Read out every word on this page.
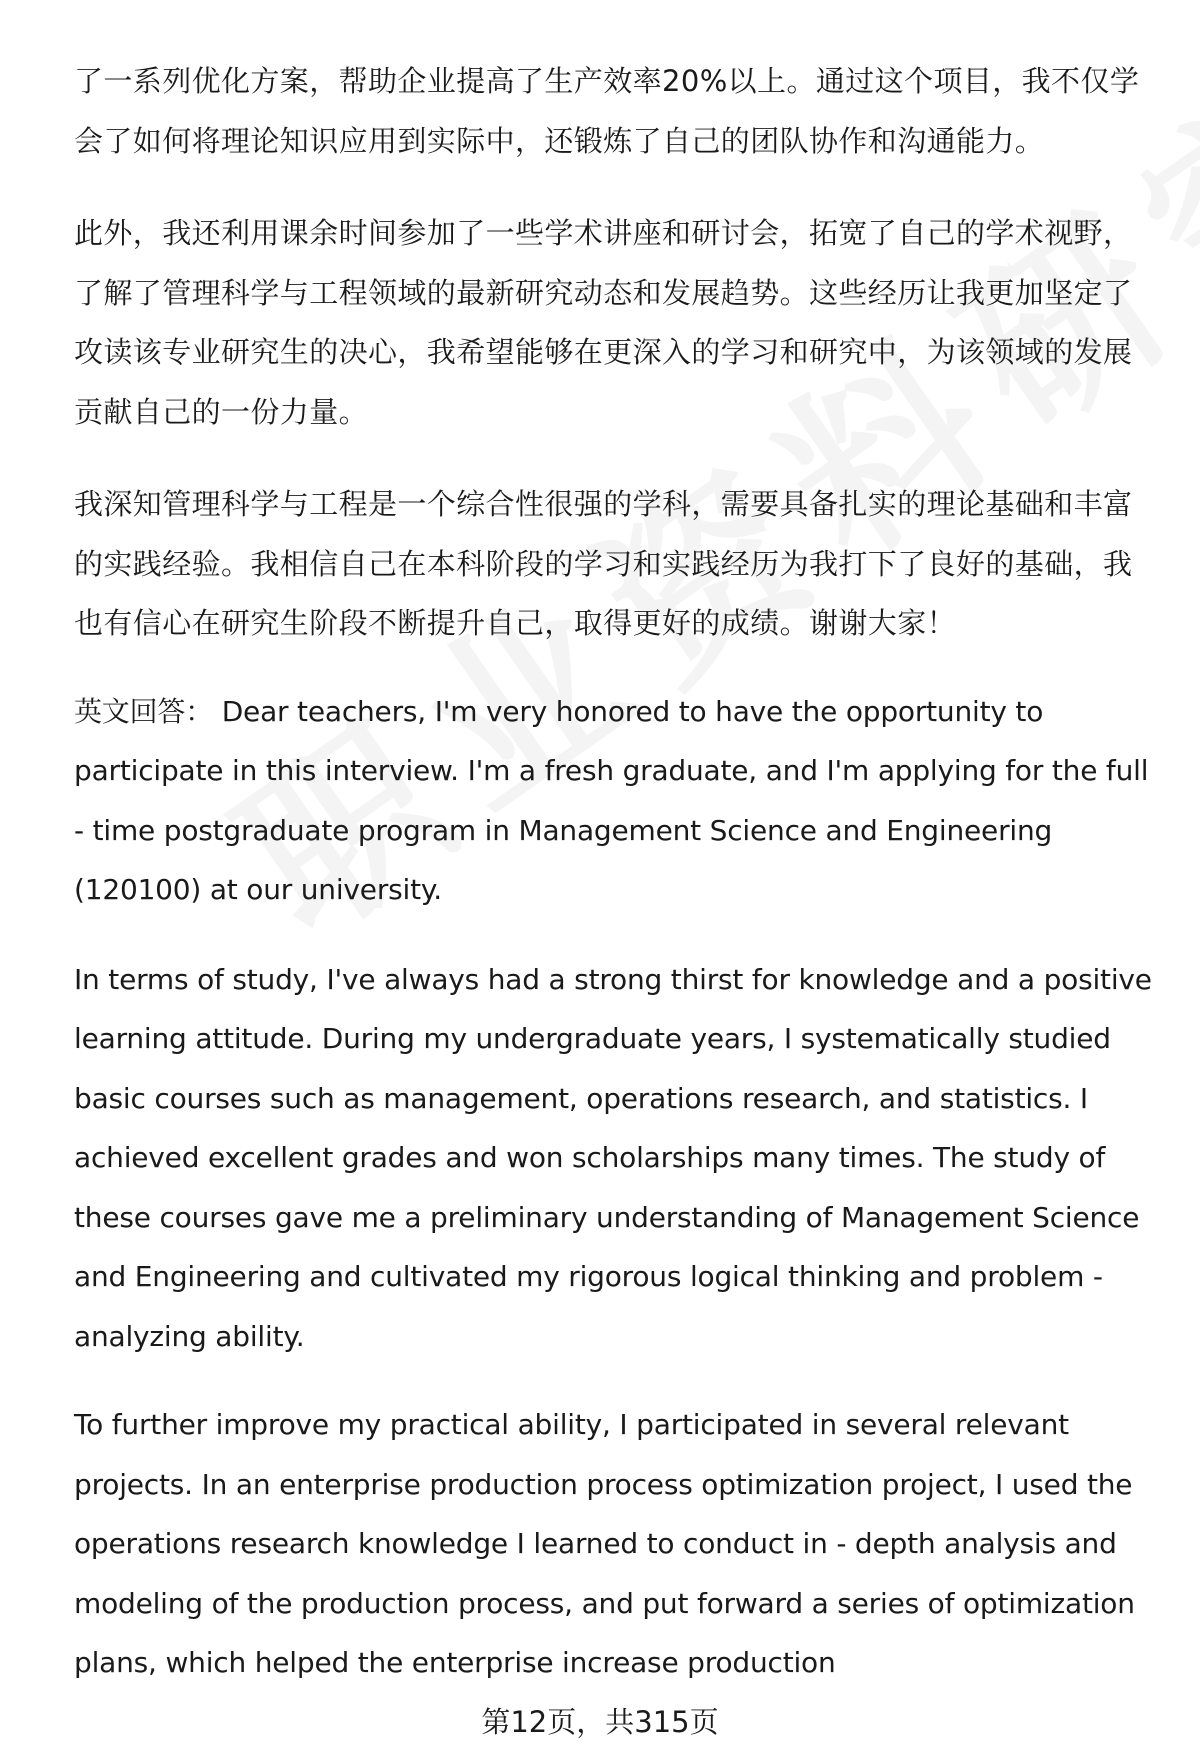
了一系列优化方案，帮助企业提高了生产效率20%以上。通过这个项目，我不仅学会了如何将理论知识应用到实际中，还锻炼了自己的团队协作和沟通能力。

此外，我还利用课余时间参加了一些学术讲座和研讨会，拓宽了自己的学术视野，了解了管理科学与工程领域的最新研究动态和发展趋势。这些经历让我更加坚定了攻读该专业研究生的决心，我希望能够在更深入的学习和研究中，为该领域的发展贡献自己的一份力量。

我深知管理科学与工程是一个综合性很强的学科，需要具备扎实的理论基础和丰富的实践经验。我相信自己在本科阶段的学习和实践经历为我打下了良好的基础，我也有信心在研究生阶段不断提升自己，取得更好的成绩。谢谢大家！

英文回答： Dear teachers, I'm very honored to have the opportunity to participate in this interview. I'm a fresh graduate, and I'm applying for the full - time postgraduate program in Management Science and Engineering (120100) at our university.

In terms of study, I've always had a strong thirst for knowledge and a positive learning attitude. During my undergraduate years, I systematically studied basic courses such as management, operations research, and statistics. I achieved excellent grades and won scholarships many times. The study of these courses gave me a preliminary understanding of Management Science and Engineering and cultivated my rigorous logical thinking and problem - analyzing ability.

To further improve my practical ability, I participated in several relevant projects. In an enterprise production process optimization project, I used the operations research knowledge I learned to conduct in - depth analysis and modeling of the production process, and put forward a series of optimization plans, which helped the enterprise increase production

第12页，共315页
